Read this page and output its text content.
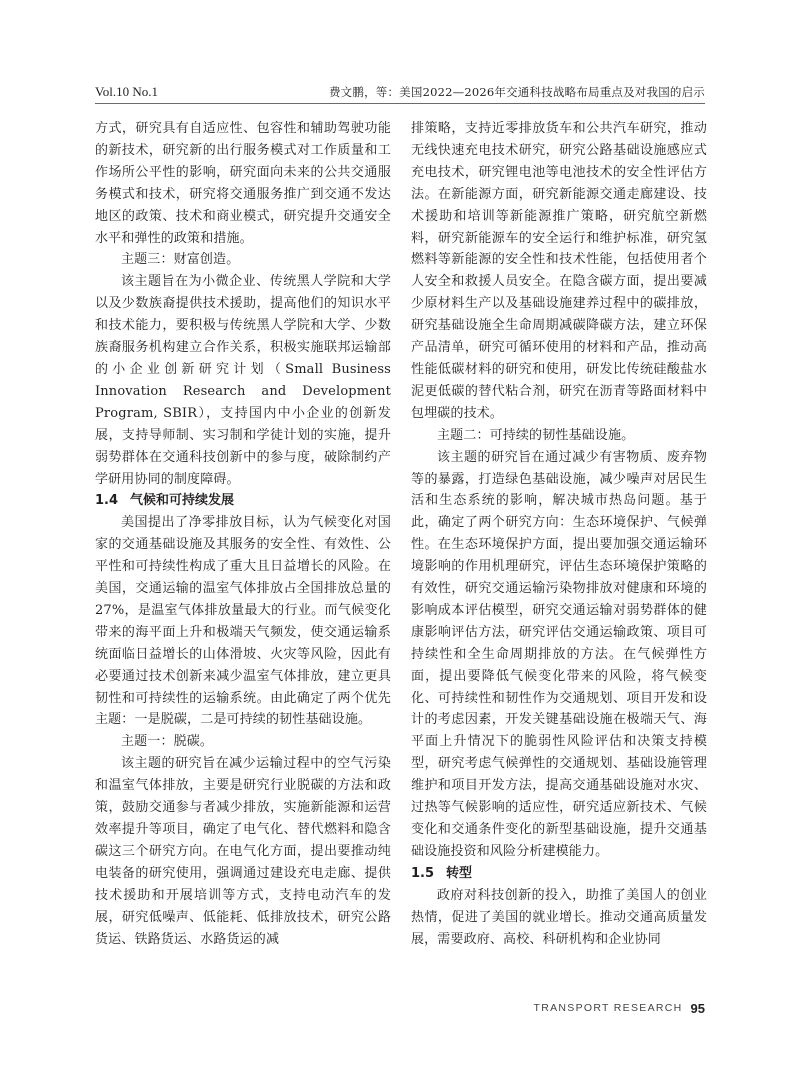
Vol.10 No.1	费文鹏，等：美国2022—2026年交通科技战略布局重点及对我国的启示

方式，研究具有自适应性、包容性和辅助驾驶功能的新技术，研究新的出行服务模式对工作质量和工作场所公平性的影响，研究面向未来的公共交通服务模式和技术，研究将交通服务推广到交通不发达地区的政策、技术和商业模式，研究提升交通安全水平和弹性的政策和措施。

主题三：财富创造。

该主题旨在为小微企业、传统黑人学院和大学以及少数族裔提供技术援助，提高他们的知识水平和技术能力，要积极与传统黑人学院和大学、少数族裔服务机构建立合作关系，积极实施联邦运输部的小企业创新研究计划（Small Business Innovation Research and Development Program, SBIR），支持国内中小企业的创新发展，支持导师制、实习制和学徒计划的实施，提升弱势群体在交通科技创新中的参与度，破除制约产学研用协同的制度障碍。

1.4 气候和可持续发展

美国提出了净零排放目标，认为气候变化对国家的交通基础设施及其服务的安全性、有效性、公平性和可持续性构成了重大且日益增长的风险。在美国，交通运输的温室气体排放占全国排放总量的27%，是温室气体排放量最大的行业。而气候变化带来的海平面上升和极端天气频发，使交通运输系统面临日益增长的山体滑坡、火灾等风险，因此有必要通过技术创新来减少温室气体排放，建立更具韧性和可持续性的运输系统。由此确定了两个优先主题：一是脱碳，二是可持续的韧性基础设施。

主题一：脱碳。

该主题的研究旨在减少运输过程中的空气污染和温室气体排放，主要是研究行业脱碳的方法和政策，鼓励交通参与者减少排放，实施新能源和运营效率提升等项目，确定了电气化、替代燃料和隐含碳这三个研究方向。在电气化方面，提出要推动纯电装备的研究使用，强调通过建设充电走廊、提供技术援助和开展培训等方式，支持电动汽车的发展，研究低噪声、低能耗、低排放技术，研究公路货运、铁路货运、水路货运的减

排策略，支持近零排放货车和公共汽车研究，推动无线快速充电技术研究，研究公路基础设施感应式充电技术，研究锂电池等电池技术的安全性评估方法。在新能源方面，研究新能源交通走廊建设、技术援助和培训等新能源推广策略，研究航空新燃料，研究新能源车的安全运行和维护标准，研究氢燃料等新能源的安全性和技术性能，包括使用者个人安全和救援人员安全。在隐含碳方面，提出要减少原材料生产以及基础设施建养过程中的碳排放，研究基础设施全生命周期减碳降碳方法，建立环保产品清单，研究可循环使用的材料和产品，推动高性能低碳材料的研究和使用，研发比传统硅酸盐水泥更低碳的替代粘合剂，研究在沥青等路面材料中包埋碳的技术。

主题二：可持续的韧性基础设施。

该主题的研究旨在通过减少有害物质、废弃物等的暴露，打造绿色基础设施，减少噪声对居民生活和生态系统的影响，解决城市热岛问题。基于此，确定了两个研究方向：生态环境保护、气候弹性。在生态环境保护方面，提出要加强交通运输环境影响的作用机理研究，评估生态环境保护策略的有效性，研究交通运输污染物排放对健康和环境的影响成本评估模型，研究交通运输对弱势群体的健康影响评估方法，研究评估交通运输政策、项目可持续性和全生命周期排放的方法。在气候弹性方面，提出要降低气候变化带来的风险，将气候变化、可持续性和韧性作为交通规划、项目开发和设计的考虑因素，开发关键基础设施在极端天气、海平面上升情况下的脆弱性风险评估和决策支持模型，研究考虑气候弹性的交通规划、基础设施管理维护和项目开发方法，提高交通基础设施对水灾、过热等气候影响的适应性，研究适应新技术、气候变化和交通条件变化的新型基础设施，提升交通基础设施投资和风险分析建模能力。

1.5 转型

政府对科技创新的投入，助推了美国人的创业热情，促进了美国的就业增长。推动交通高质量发展，需要政府、高校、科研机构和企业协同

TRANSPORT RESEARCH 95
